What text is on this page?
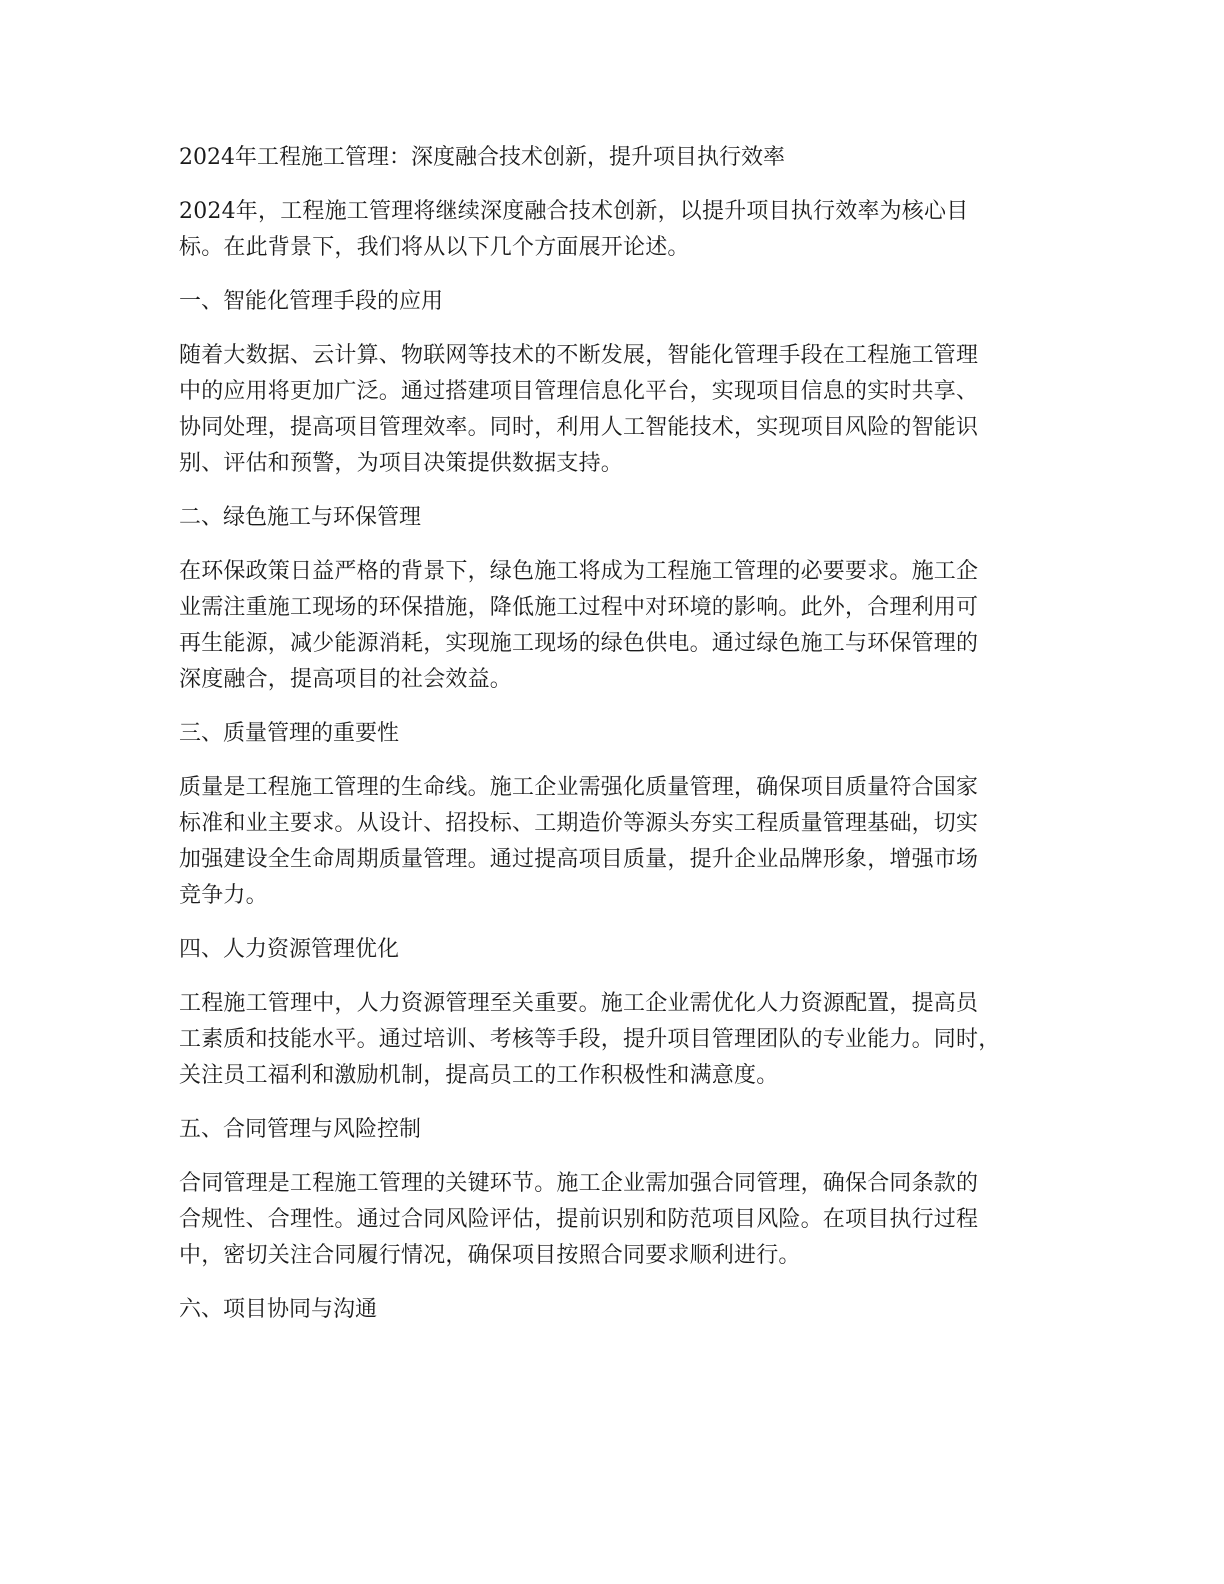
2024年工程施工管理：深度融合技术创新，提升项目执行效率

2024年，工程施工管理将继续深度融合技术创新，以提升项目执行效率为核心目
标。在此背景下，我们将从以下几个方面展开论述。

一、智能化管理手段的应用

随着大数据、云计算、物联网等技术的不断发展，智能化管理手段在工程施工管理
中的应用将更加广泛。通过搭建项目管理信息化平台，实现项目信息的实时共享、
协同处理，提高项目管理效率。同时，利用人工智能技术，实现项目风险的智能识
别、评估和预警，为项目决策提供数据支持。

二、绿色施工与环保管理

在环保政策日益严格的背景下，绿色施工将成为工程施工管理的必要要求。施工企
业需注重施工现场的环保措施，降低施工过程中对环境的影响。此外，合理利用可
再生能源，减少能源消耗，实现施工现场的绿色供电。通过绿色施工与环保管理的
深度融合，提高项目的社会效益。

三、质量管理的重要性

质量是工程施工管理的生命线。施工企业需强化质量管理，确保项目质量符合国家
标准和业主要求。从设计、招投标、工期造价等源头夯实工程质量管理基础，切实
加强建设全生命周期质量管理。通过提高项目质量，提升企业品牌形象，增强市场
竞争力。

四、人力资源管理优化

工程施工管理中，人力资源管理至关重要。施工企业需优化人力资源配置，提高员
工素质和技能水平。通过培训、考核等手段，提升项目管理团队的专业能力。同时，
关注员工福利和激励机制，提高员工的工作积极性和满意度。

五、合同管理与风险控制

合同管理是工程施工管理的关键环节。施工企业需加强合同管理，确保合同条款的
合规性、合理性。通过合同风险评估，提前识别和防范项目风险。在项目执行过程
中，密切关注合同履行情况，确保项目按照合同要求顺利进行。

六、项目协同与沟通
